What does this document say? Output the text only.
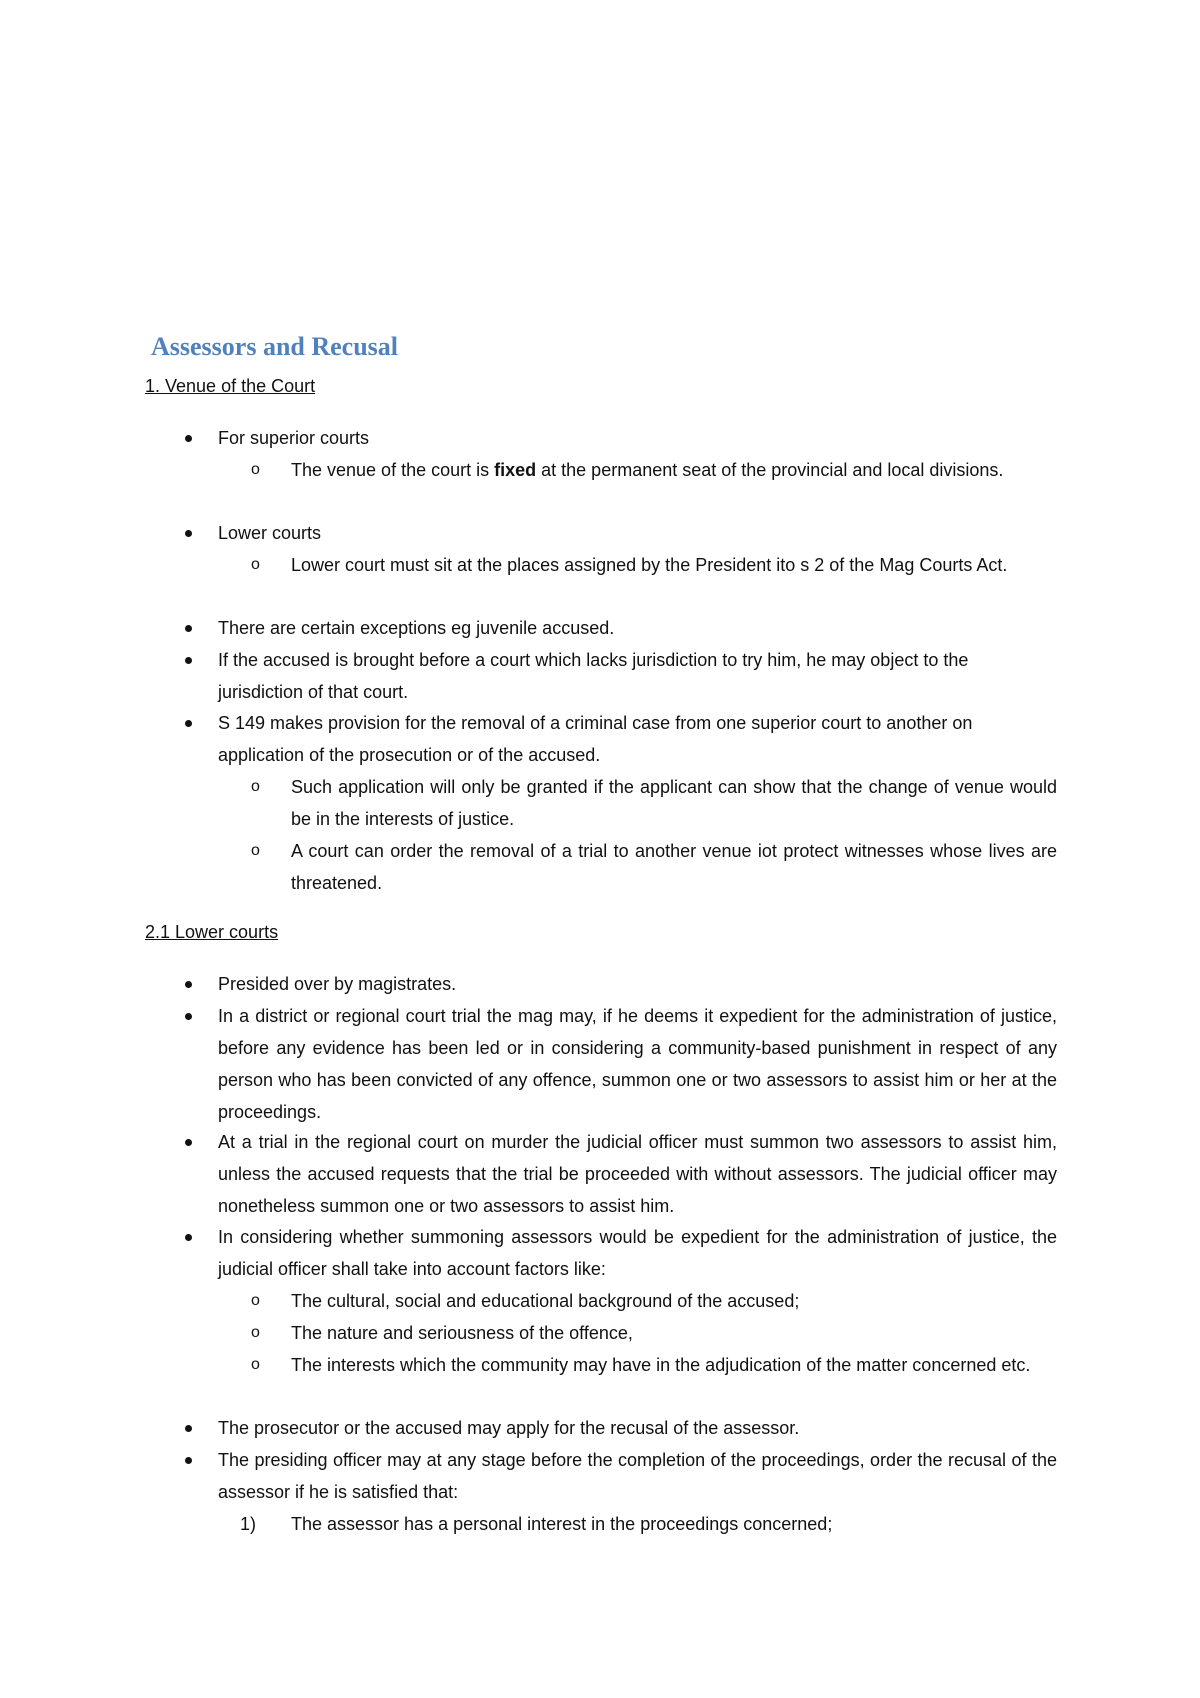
Assessors and Recusal

1. Venue of the Court

For superior courts
o The venue of the court is fixed at the permanent seat of the provincial and local divisions.
Lower courts
o Lower court must sit at the places assigned by the President ito s 2 of the Mag Courts Act.
There are certain exceptions eg juvenile accused.
If the accused is brought before a court which lacks jurisdiction to try him, he may object to the jurisdiction of that court.
S 149 makes provision for the removal of a criminal case from one superior court to another on application of the prosecution or of the accused.
o Such application will only be granted if the applicant can show that the change of venue would be in the interests of justice.
o A court can order the removal of a trial to another venue iot protect witnesses whose lives are threatened.

2.1 Lower courts

Presided over by magistrates.
In a district or regional court trial the mag may, if he deems it expedient for the administration of justice, before any evidence has been led or in considering a community-based punishment in respect of any person who has been convicted of any offence, summon one or two assessors to assist him or her at the proceedings.
At a trial in the regional court on murder the judicial officer must summon two assessors to assist him, unless the accused requests that the trial be proceeded with without assessors. The judicial officer may nonetheless summon one or two assessors to assist him.
In considering whether summoning assessors would be expedient for the administration of justice, the judicial officer shall take into account factors like:
o The cultural, social and educational background of the accused;
o The nature and seriousness of the offence,
o The interests which the community may have in the adjudication of the matter concerned etc.
The prosecutor or the accused may apply for the recusal of the assessor.
The presiding officer may at any stage before the completion of the proceedings, order the recusal of the assessor if he is satisfied that:
1) The assessor has a personal interest in the proceedings concerned;
